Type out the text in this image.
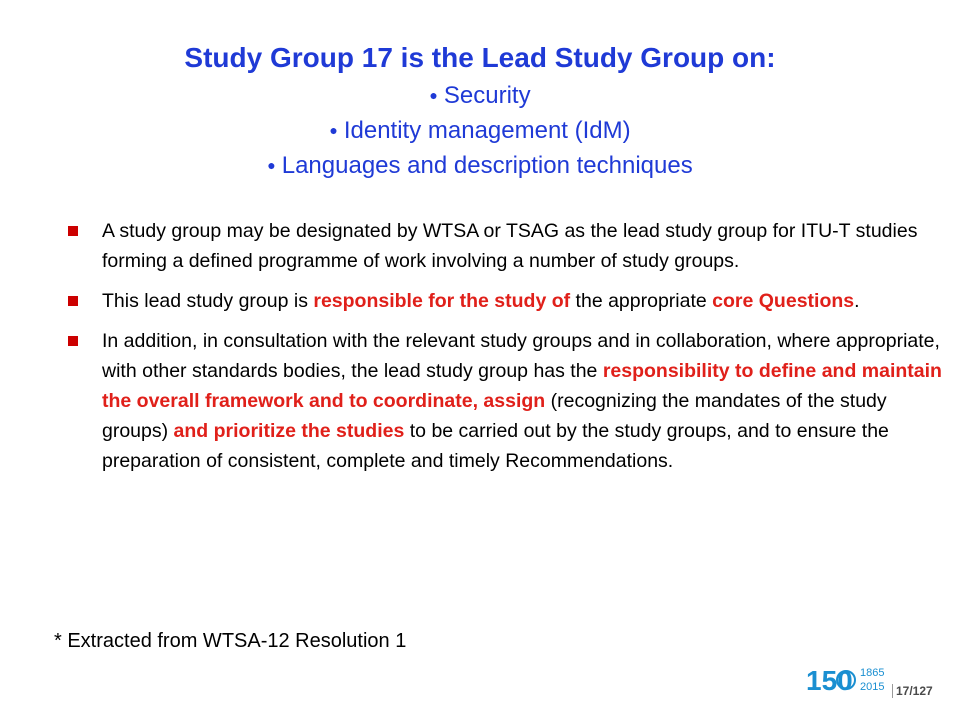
Study Group 17 is the Lead Study Group on:
● Security
● Identity management (IdM)
● Languages and description techniques
A study group may be designated by WTSA or TSAG as the lead study group for ITU-T studies forming a defined programme of work involving a number of study groups.
This lead study group is responsible for the study of the appropriate core Questions.
In addition, in consultation with the relevant study groups and in collaboration, where appropriate, with other standards bodies, the lead study group has the responsibility to define and maintain the overall framework and to coordinate, assign (recognizing the mandates of the study groups) and prioritize the studies to be carried out by the study groups, and to ensure the preparation of consistent, complete and timely Recommendations.

* Extracted from WTSA-12 Resolution 1

150 1865
2015 17/127
